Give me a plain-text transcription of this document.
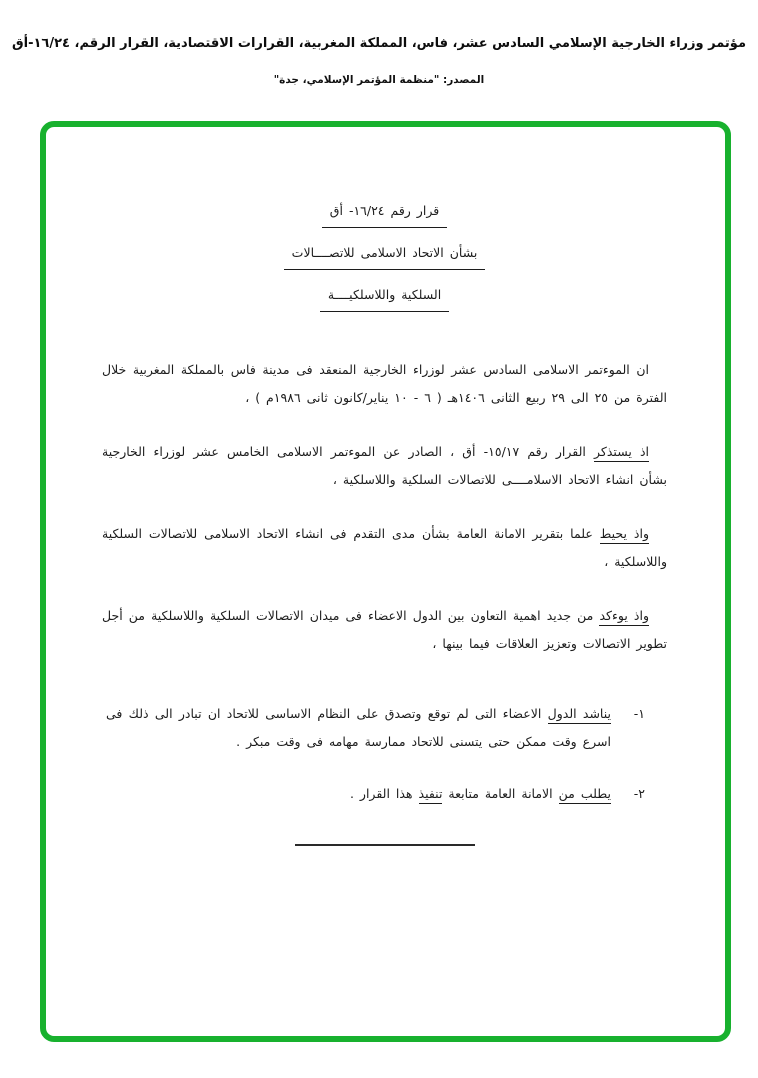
مؤتمر وزراء الخارجية الإسلامي السادس عشر، فاس، المملكة المغربية، القرارات الاقتصادية، القرار الرقم، ١٦/٢٤-أق
المصدر: "منظمة المؤتمر الإسلامي، جدة"
قرار رقم ١٦/٢٤- أق
بشأن الاتحاد الاسلامى للاتصــــالات
السلكية واللاسلكيــــة

ان الموءتمر الاسلامى السادس عشر لوزراء الخارجية المنعقد فى مدينة فاس بالمملكة المغربية خلال الفترة من ٢٥ الى ٢٩ ربيع الثانى ١٤٠٦هـ ( ٦ - ١٠ يناير/كانون ثانى ١٩٨٦م ) ،

اذ يستذكر القرار رقم ١٥/١٧- أق ، الصادر عن الموءتمر الاسلامى الخامس عشر لوزراء الخارجية بشأن انشاء الاتحاد الاسلامــــى للاتصالات السلكية واللاسلكية ،

واذ يحيط علما بتقرير الامانة العامة بشأن مدى التقدم فى انشاء الاتحاد الاسلامى للاتصالات السلكية واللاسلكية ،

واذ يوءكد من جديد اهمية التعاون بين الدول الاعضاء فى ميدان الاتصالات السلكية واللاسلكية من أجل تطوير الاتصالات وتعزيز العلاقات فيما بينها ،

١-
يناشد الدول الاعضاء التى لم توقع وتصدق على النظام الاساسى للاتحاد ان تبادر الى ذلك فى اسرع وقت ممكن حتى يتسنى للاتحاد ممارسة مهامه فى وقت مبكر .
٢-
يطلب من الامانة العامة متابعة تنفيذ هذا القرار .
